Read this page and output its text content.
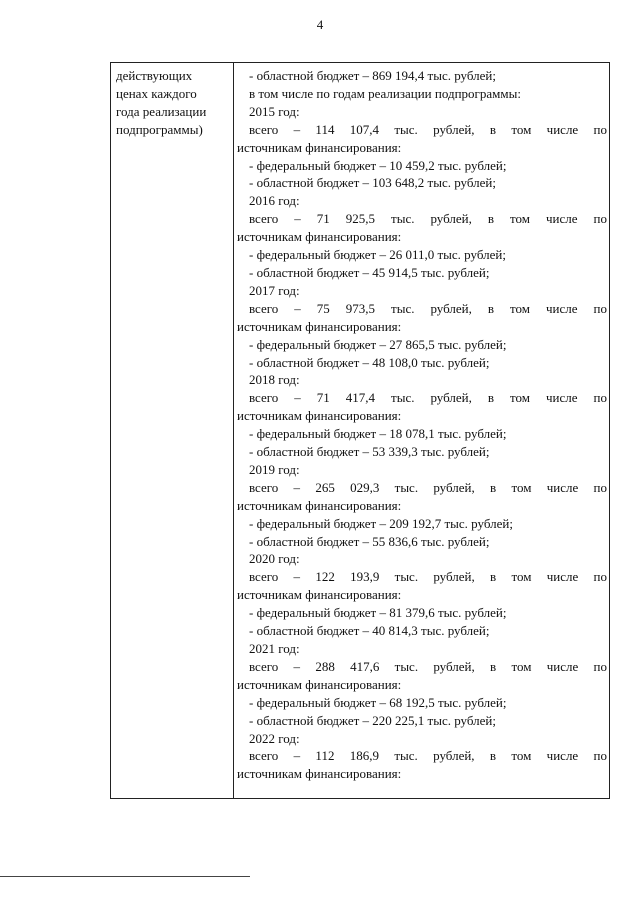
4
действующих
ценах каждого
года реализации
подпрограммы)
- областной бюджет – 869 194,4 тыс. рублей;
в том числе по годам реализации подпрограммы:
2015 год:
всего – 114 107,4 тыс. рублей, в том числе по
источникам финансирования:
- федеральный бюджет – 10 459,2 тыс. рублей;
- областной бюджет – 103 648,2 тыс. рублей;
2016 год:
всего – 71 925,5 тыс. рублей, в том числе по
источникам финансирования:
- федеральный бюджет – 26 011,0 тыс. рублей;
- областной бюджет – 45 914,5 тыс. рублей;
2017 год:
всего – 75 973,5 тыс. рублей, в том числе по
источникам финансирования:
- федеральный бюджет – 27 865,5 тыс. рублей;
- областной бюджет – 48 108,0 тыс. рублей;
2018 год:
всего – 71 417,4 тыс. рублей, в том числе по
источникам финансирования:
- федеральный бюджет – 18 078,1 тыс. рублей;
- областной бюджет – 53 339,3 тыс. рублей;
2019 год:
всего – 265 029,3 тыс. рублей, в том числе по
источникам финансирования:
- федеральный бюджет – 209 192,7 тыс. рублей;
- областной бюджет – 55 836,6 тыс. рублей;
2020 год:
всего – 122 193,9 тыс. рублей, в том числе по
источникам финансирования:
- федеральный бюджет – 81 379,6 тыс. рублей;
- областной бюджет – 40 814,3 тыс. рублей;
2021 год:
всего – 288 417,6 тыс. рублей, в том числе по
источникам финансирования:
- федеральный бюджет – 68 192,5 тыс. рублей;
- областной бюджет – 220 225,1 тыс. рублей;
2022 год:
всего – 112 186,9 тыс. рублей, в том числе по
источникам финансирования:
